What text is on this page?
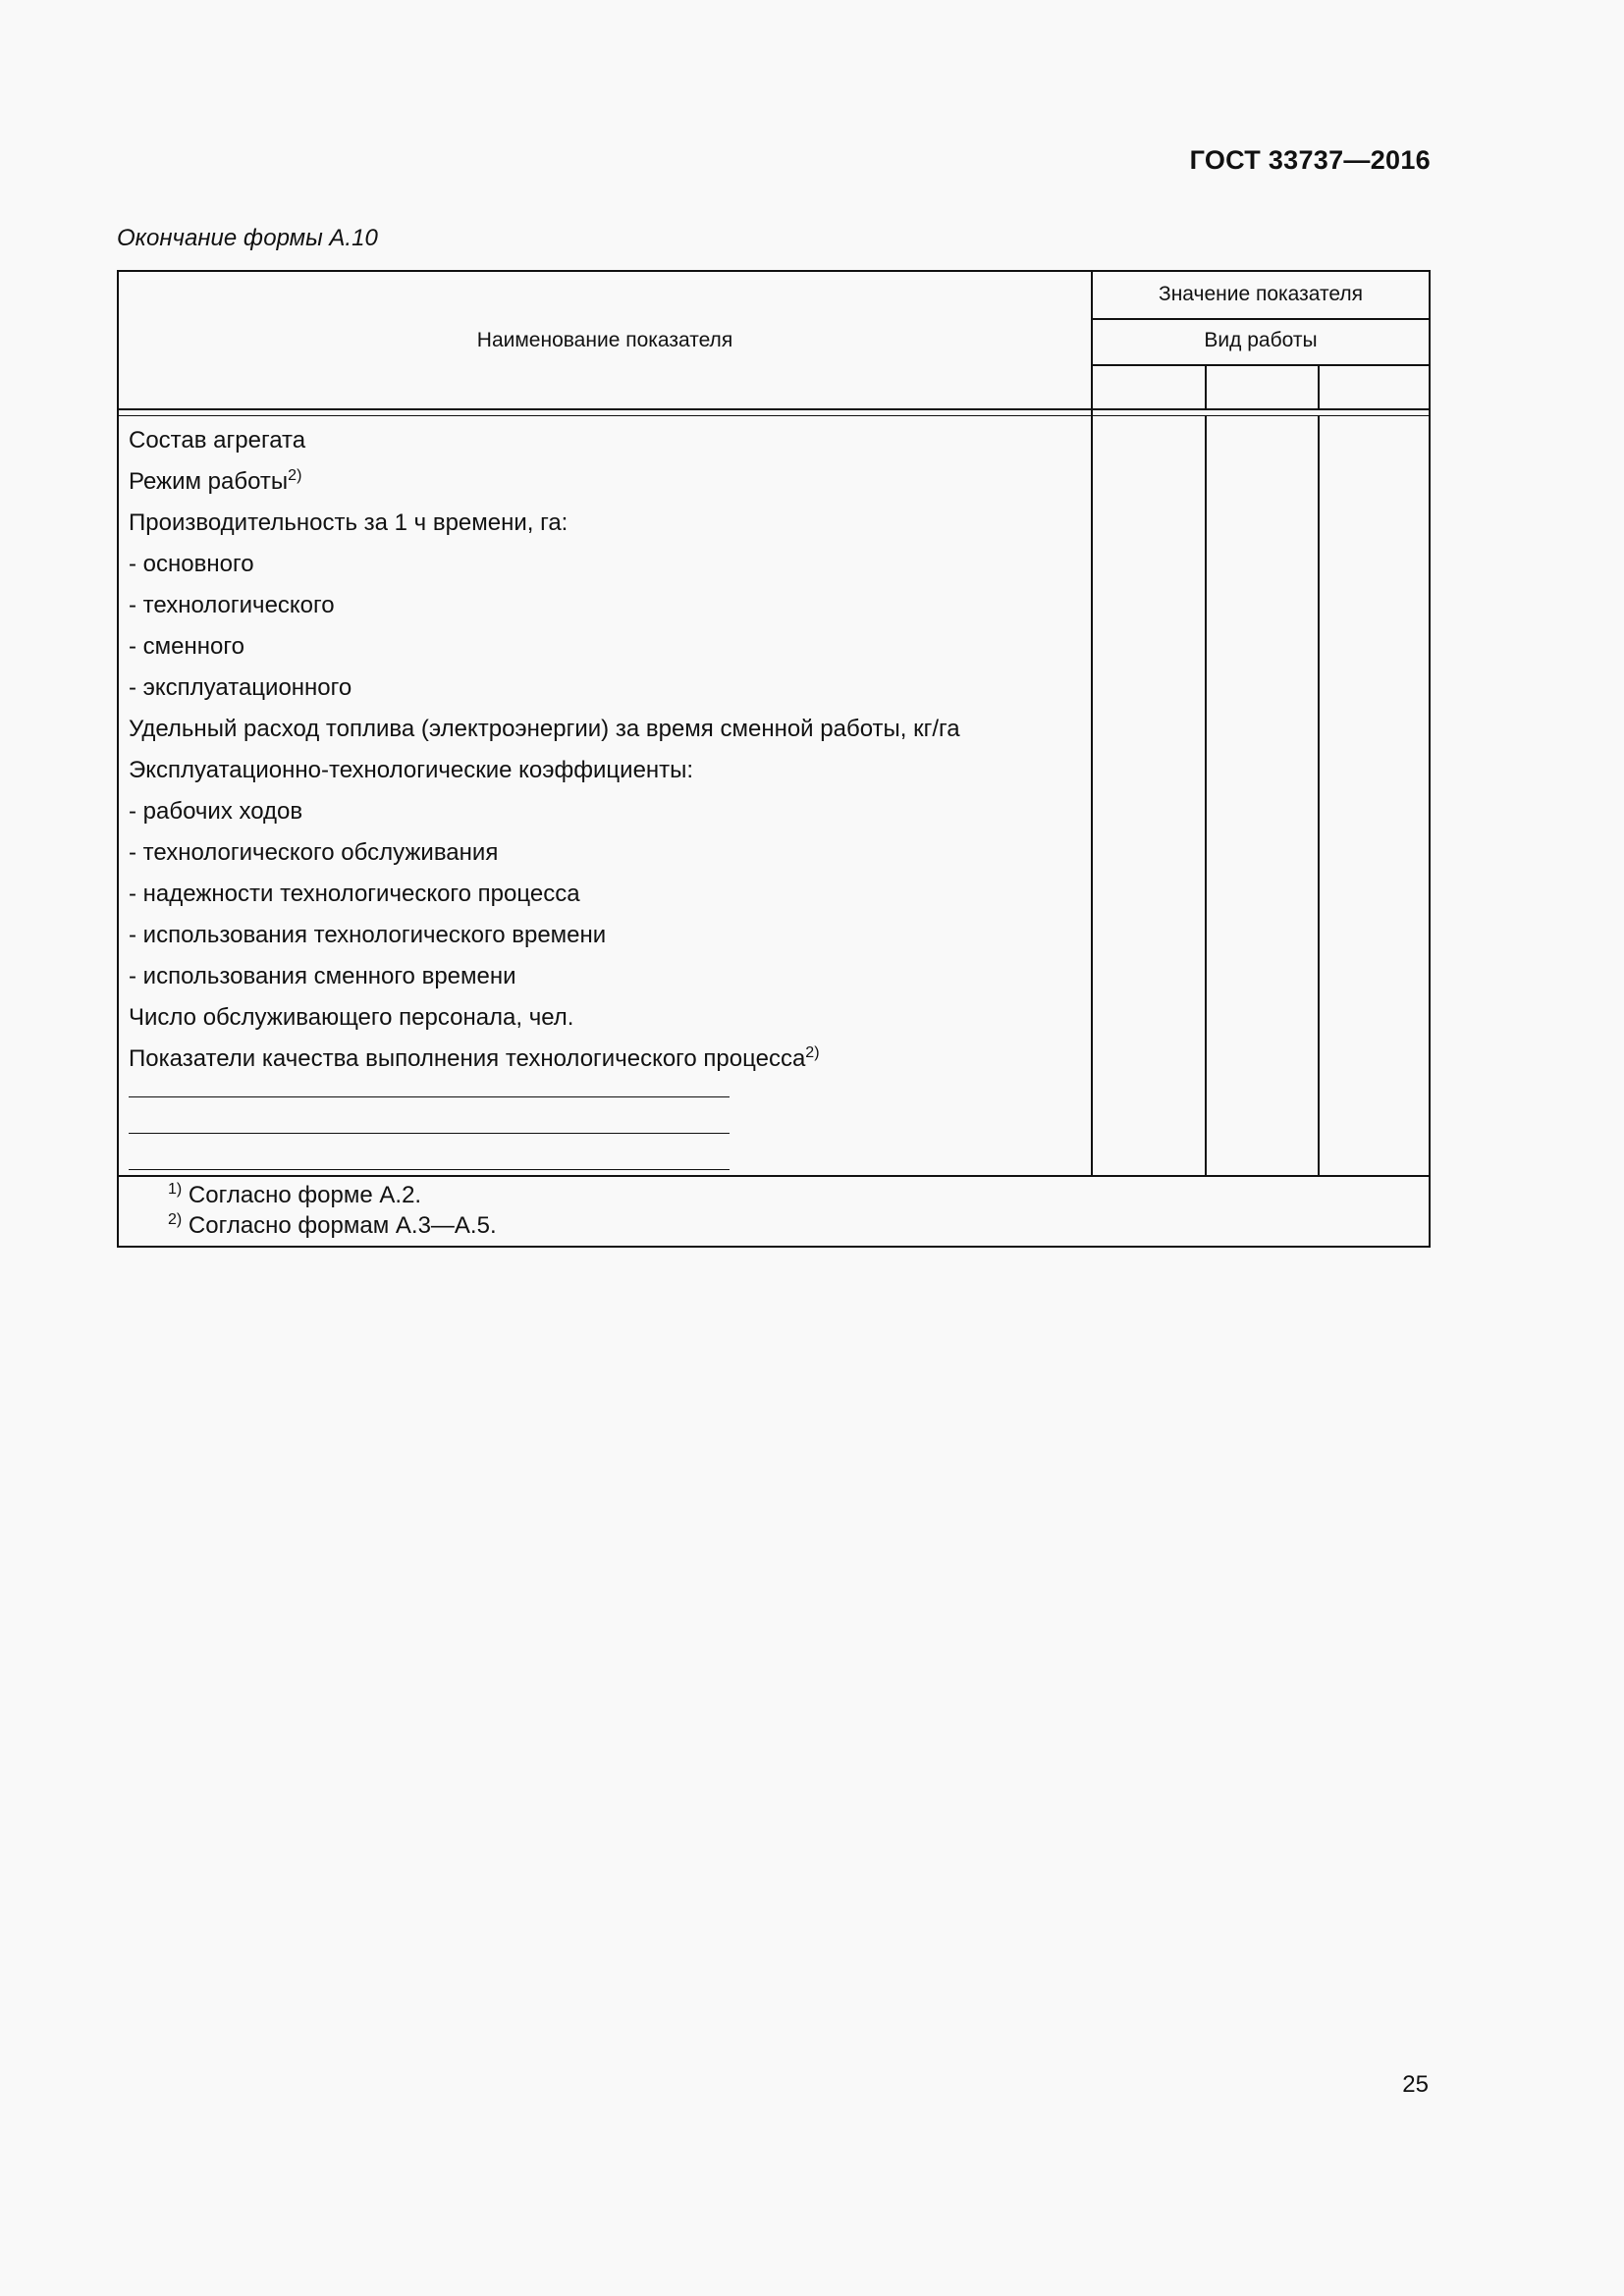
ГОСТ 33737—2016
Окончание формы А.10
Наименование показателя
Значение показателя
Вид работы
Состав агрегата
Режим работы$^{2)}$
Производительность за 1 ч времени, га:
- основного
- технологического
- сменного
- эксплуатационного
Удельный расход топлива (электроэнергии) за время сменной работы, кг/га
Эксплуатационно-технологические коэффициенты:
- рабочих ходов
- технологического обслуживания
- надежности технологического процесса
- использования технологического времени
- использования сменного времени
Число обслуживающего персонала, чел.
Показатели качества выполнения технологического процесса$^{2)}$
$^{1)}$ Согласно форме А.2.
$^{2)}$ Согласно формам А.3—А.5.
25
